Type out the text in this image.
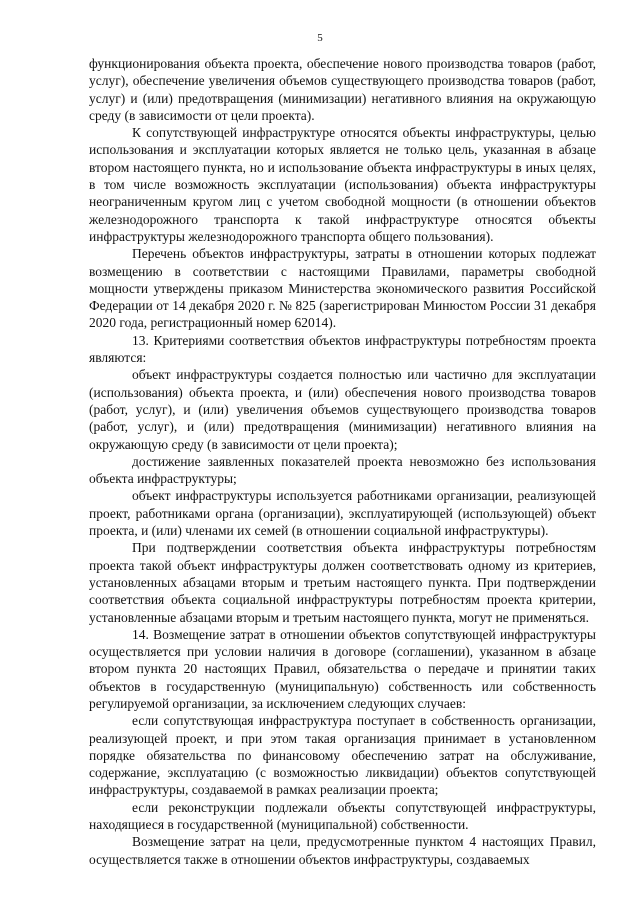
5

функционирования объекта проекта, обеспечение нового производства товаров (работ, услуг), обеспечение увеличения объемов существующего производства товаров (работ, услуг) и (или) предотвращения (минимизации) негативного влияния на окружающую среду (в зависимости от цели проекта).

К сопутствующей инфраструктуре относятся объекты инфраструктуры, целью использования и эксплуатации которых является не только цель, указанная в абзаце втором настоящего пункта, но и использование объекта инфраструктуры в иных целях, в том числе возможность эксплуатации (использования) объекта инфраструктуры неограниченным кругом лиц с учетом свободной мощности (в отношении объектов железнодорожного транспорта к такой инфраструктуре относятся объекты инфраструктуры железнодорожного транспорта общего пользования).

Перечень объектов инфраструктуры, затраты в отношении которых подлежат возмещению в соответствии с настоящими Правилами, параметры свободной мощности утверждены приказом Министерства экономического развития Российской Федерации от 14 декабря 2020 г. № 825 (зарегистрирован Минюстом России 31 декабря 2020 года, регистрационный номер 62014).

13. Критериями соответствия объектов инфраструктуры потребностям проекта являются:

объект инфраструктуры создается полностью или частично для эксплуатации (использования) объекта проекта, и (или) обеспечения нового производства товаров (работ, услуг), и (или) увеличения объемов существующего производства товаров (работ, услуг), и (или) предотвращения (минимизации) негативного влияния на окружающую среду (в зависимости от цели проекта);

достижение заявленных показателей проекта невозможно без использования объекта инфраструктуры;

объект инфраструктуры используется работниками организации, реализующей проект, работниками органа (организации), эксплуатирующей (использующей) объект проекта, и (или) членами их семей (в отношении социальной инфраструктуры).

При подтверждении соответствия объекта инфраструктуры потребностям проекта такой объект инфраструктуры должен соответствовать одному из критериев, установленных абзацами вторым и третьим настоящего пункта. При подтверждении соответствия объекта социальной инфраструктуры потребностям проекта критерии, установленные абзацами вторым и третьим настоящего пункта, могут не применяться.

14. Возмещение затрат в отношении объектов сопутствующей инфраструктуры осуществляется при условии наличия в договоре (соглашении), указанном в абзаце втором пункта 20 настоящих Правил, обязательства о передаче и принятии таких объектов в государственную (муниципальную) собственность или собственность регулируемой организации, за исключением следующих случаев:

если сопутствующая инфраструктура поступает в собственность организации, реализующей проект, и при этом такая организация принимает в установленном порядке обязательства по финансовому обеспечению затрат на обслуживание, содержание, эксплуатацию (с возможностью ликвидации) объектов сопутствующей инфраструктуры, создаваемой в рамках реализации проекта;

если реконструкции подлежали объекты сопутствующей инфраструктуры, находящиеся в государственной (муниципальной) собственности.

Возмещение затрат на цели, предусмотренные пунктом 4 настоящих Правил, осуществляется также в отношении объектов инфраструктуры, создаваемых
